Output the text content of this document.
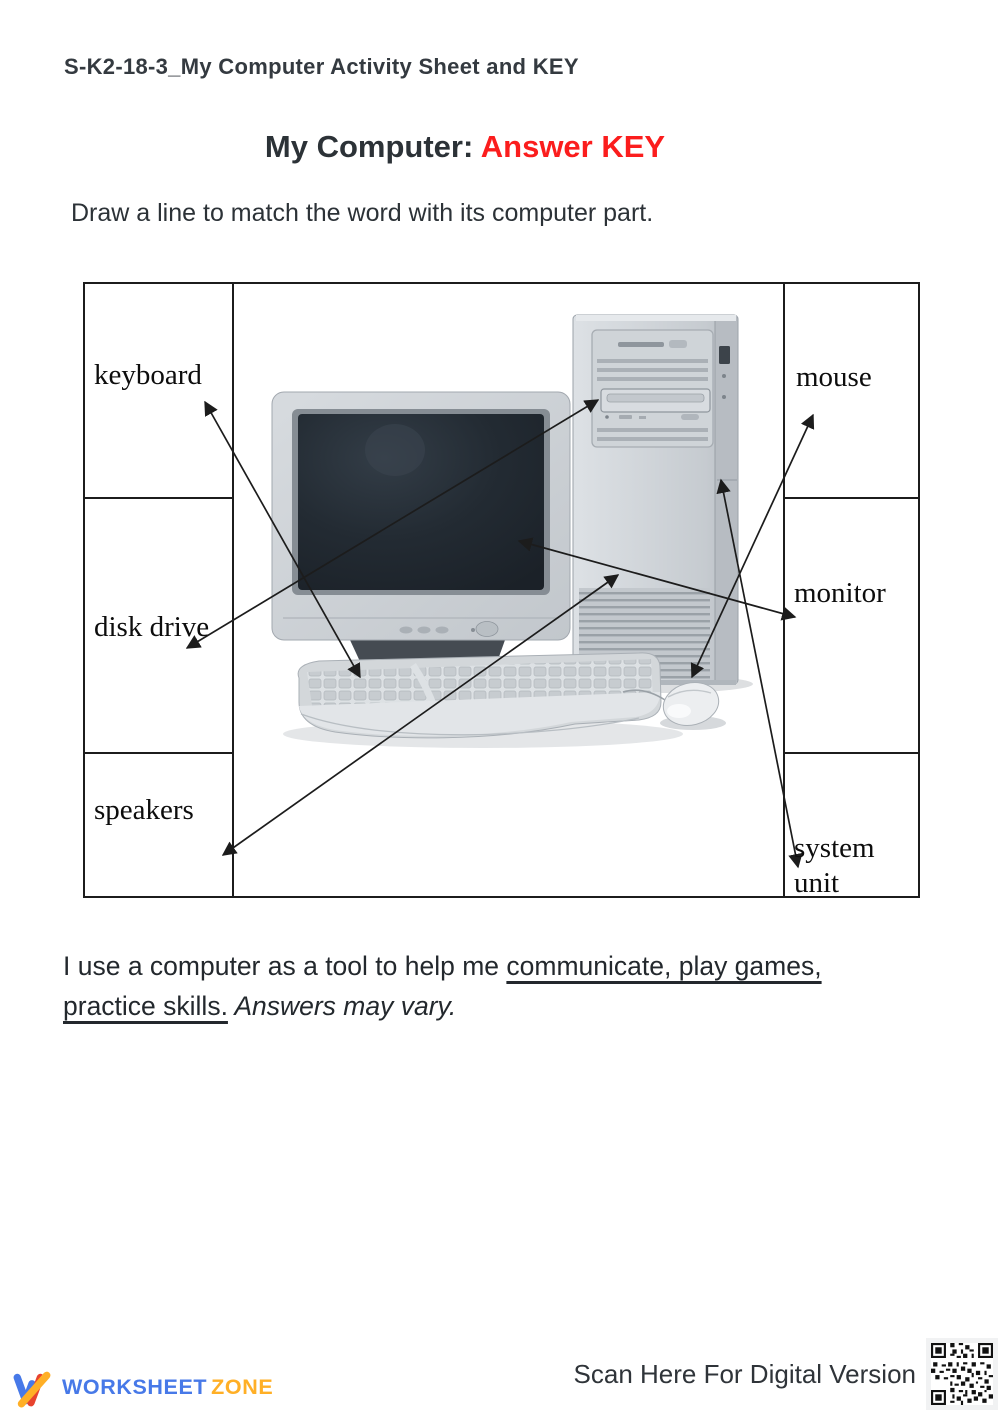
S-K2-18-3_My Computer Activity Sheet and KEY
My Computer: Answer KEY
Draw a line to match the word with its computer part.
keyboard
disk drive
speakers
mouse
monitor
system unit
I use a computer as a tool to help me communicate, play games,
practice skills. Answers may vary.
WORKSHEET ZONE	Scan Here For Digital Version
